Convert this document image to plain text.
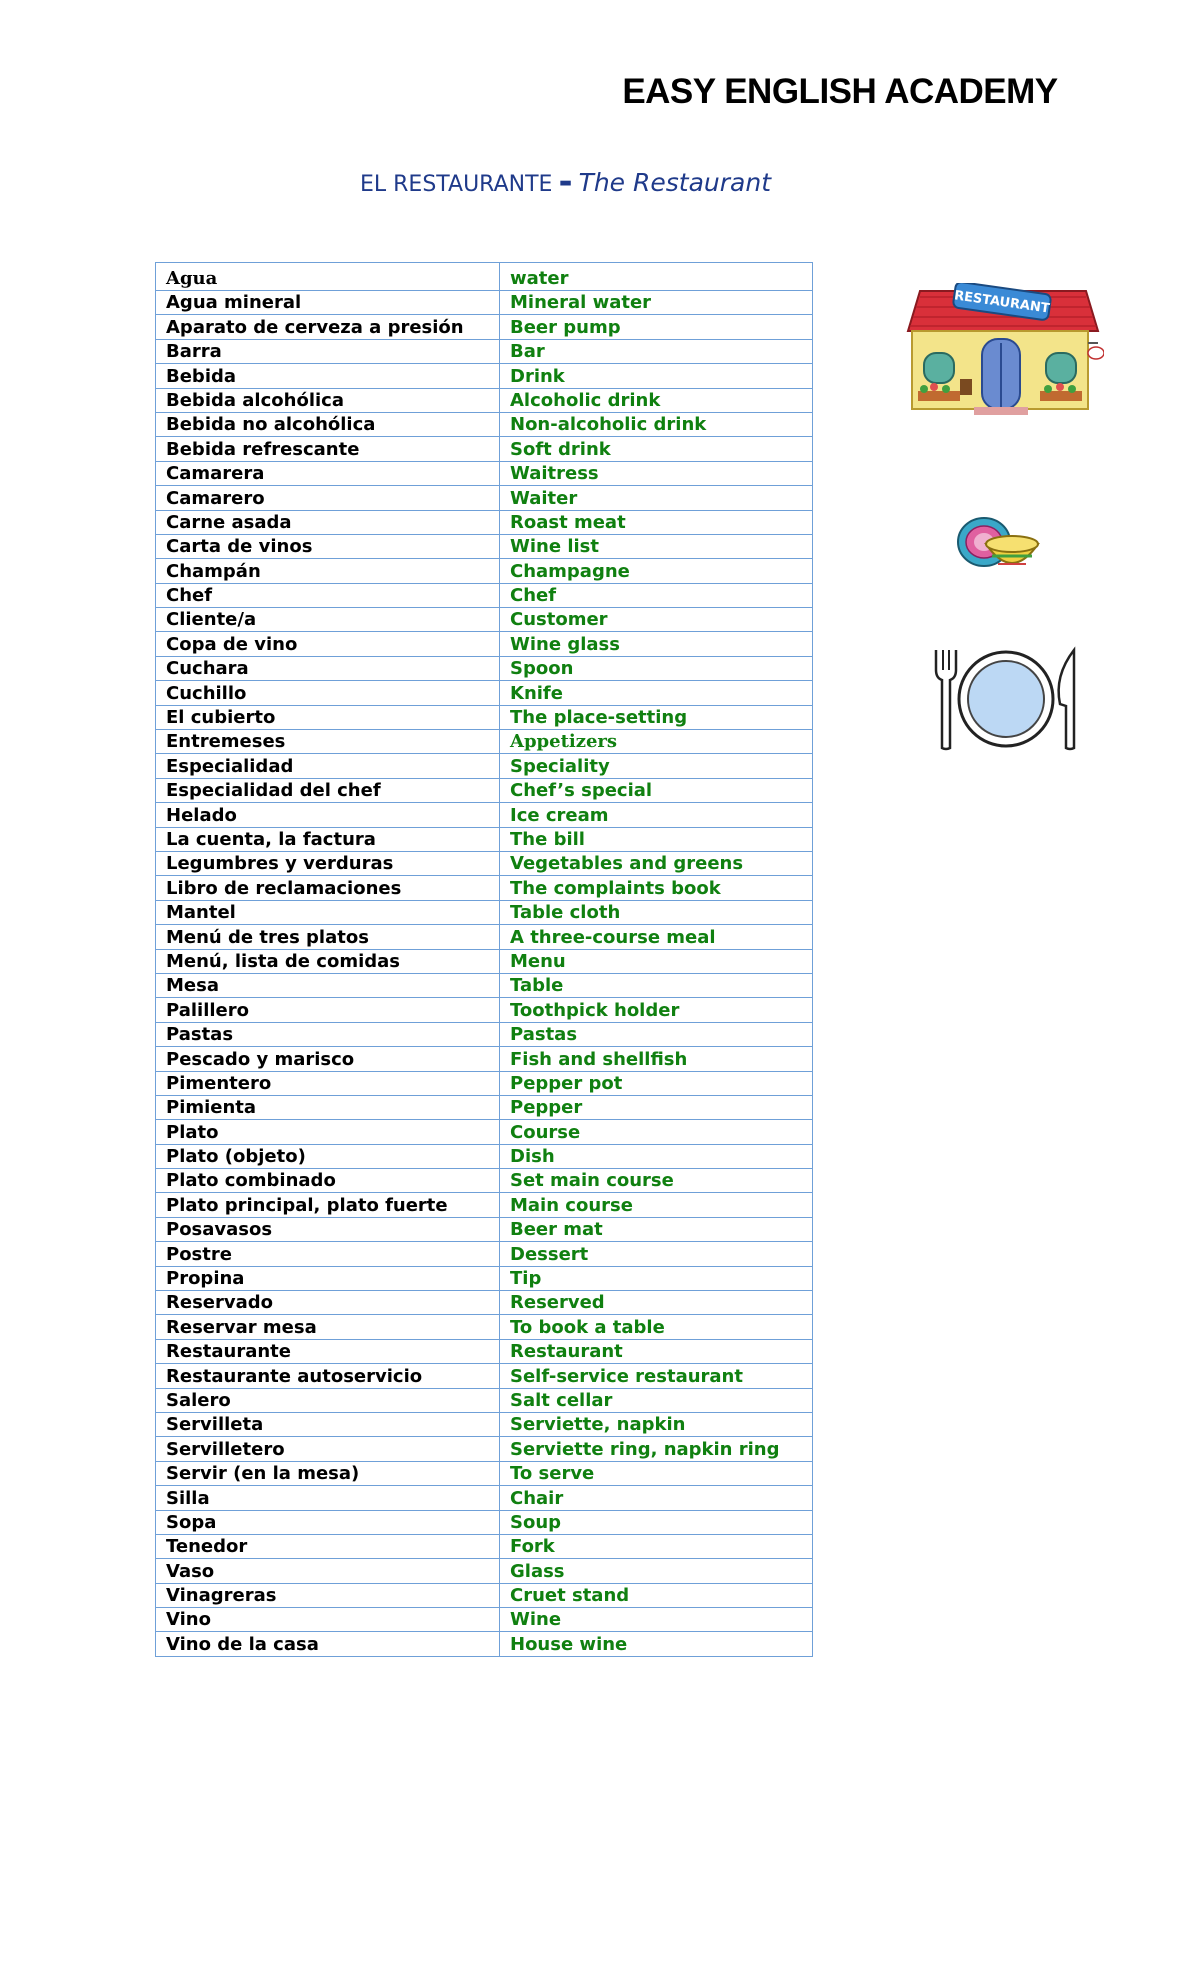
EASY ENGLISH ACADEMY
EL RESTAURANTE - The Restaurant
Agua	water
Agua mineral	Mineral water
Aparato de cerveza a presión	Beer pump
Barra	Bar
Bebida	Drink
Bebida alcohólica	Alcoholic drink
Bebida no alcohólica	Non-alcoholic drink
Bebida refrescante	Soft drink
Camarera	Waitress
Camarero	Waiter
Carne asada	Roast meat
Carta de vinos	Wine list
Champán	Champagne
Chef	Chef
Cliente/a	Customer
Copa de vino	Wine glass
Cuchara	Spoon
Cuchillo	Knife
El cubierto	The place-setting
Entremeses	Appetizers
Especialidad	Speciality
Especialidad del chef	Chef’s special
Helado	Ice cream
La cuenta, la factura	The bill
Legumbres y verduras	Vegetables and greens
Libro de reclamaciones	The complaints book
Mantel	Table cloth
Menú de tres platos	A three-course meal
Menú, lista de comidas	Menu
Mesa	Table
Palillero	Toothpick holder
Pastas	Pastas
Pescado y marisco	Fish and shellfish
Pimentero	Pepper pot
Pimienta	Pepper
Plato	Course
Plato (objeto)	Dish
Plato combinado	Set main course
Plato principal, plato fuerte	Main course
Posavasos	Beer mat
Postre	Dessert
Propina	Tip
Reservado	Reserved
Reservar mesa	To book a table
Restaurante	Restaurant
Restaurante autoservicio	Self-service restaurant
Salero	Salt cellar
Servilleta	Serviette, napkin
Servilletero	Serviette ring, napkin ring
Servir (en la mesa)	To serve
Silla	Chair
Sopa	Soup
Tenedor	Fork
Vaso	Glass
Vinagreras	Cruet stand
Vino	Wine
Vino de la casa	House wine
RESTAURANT
